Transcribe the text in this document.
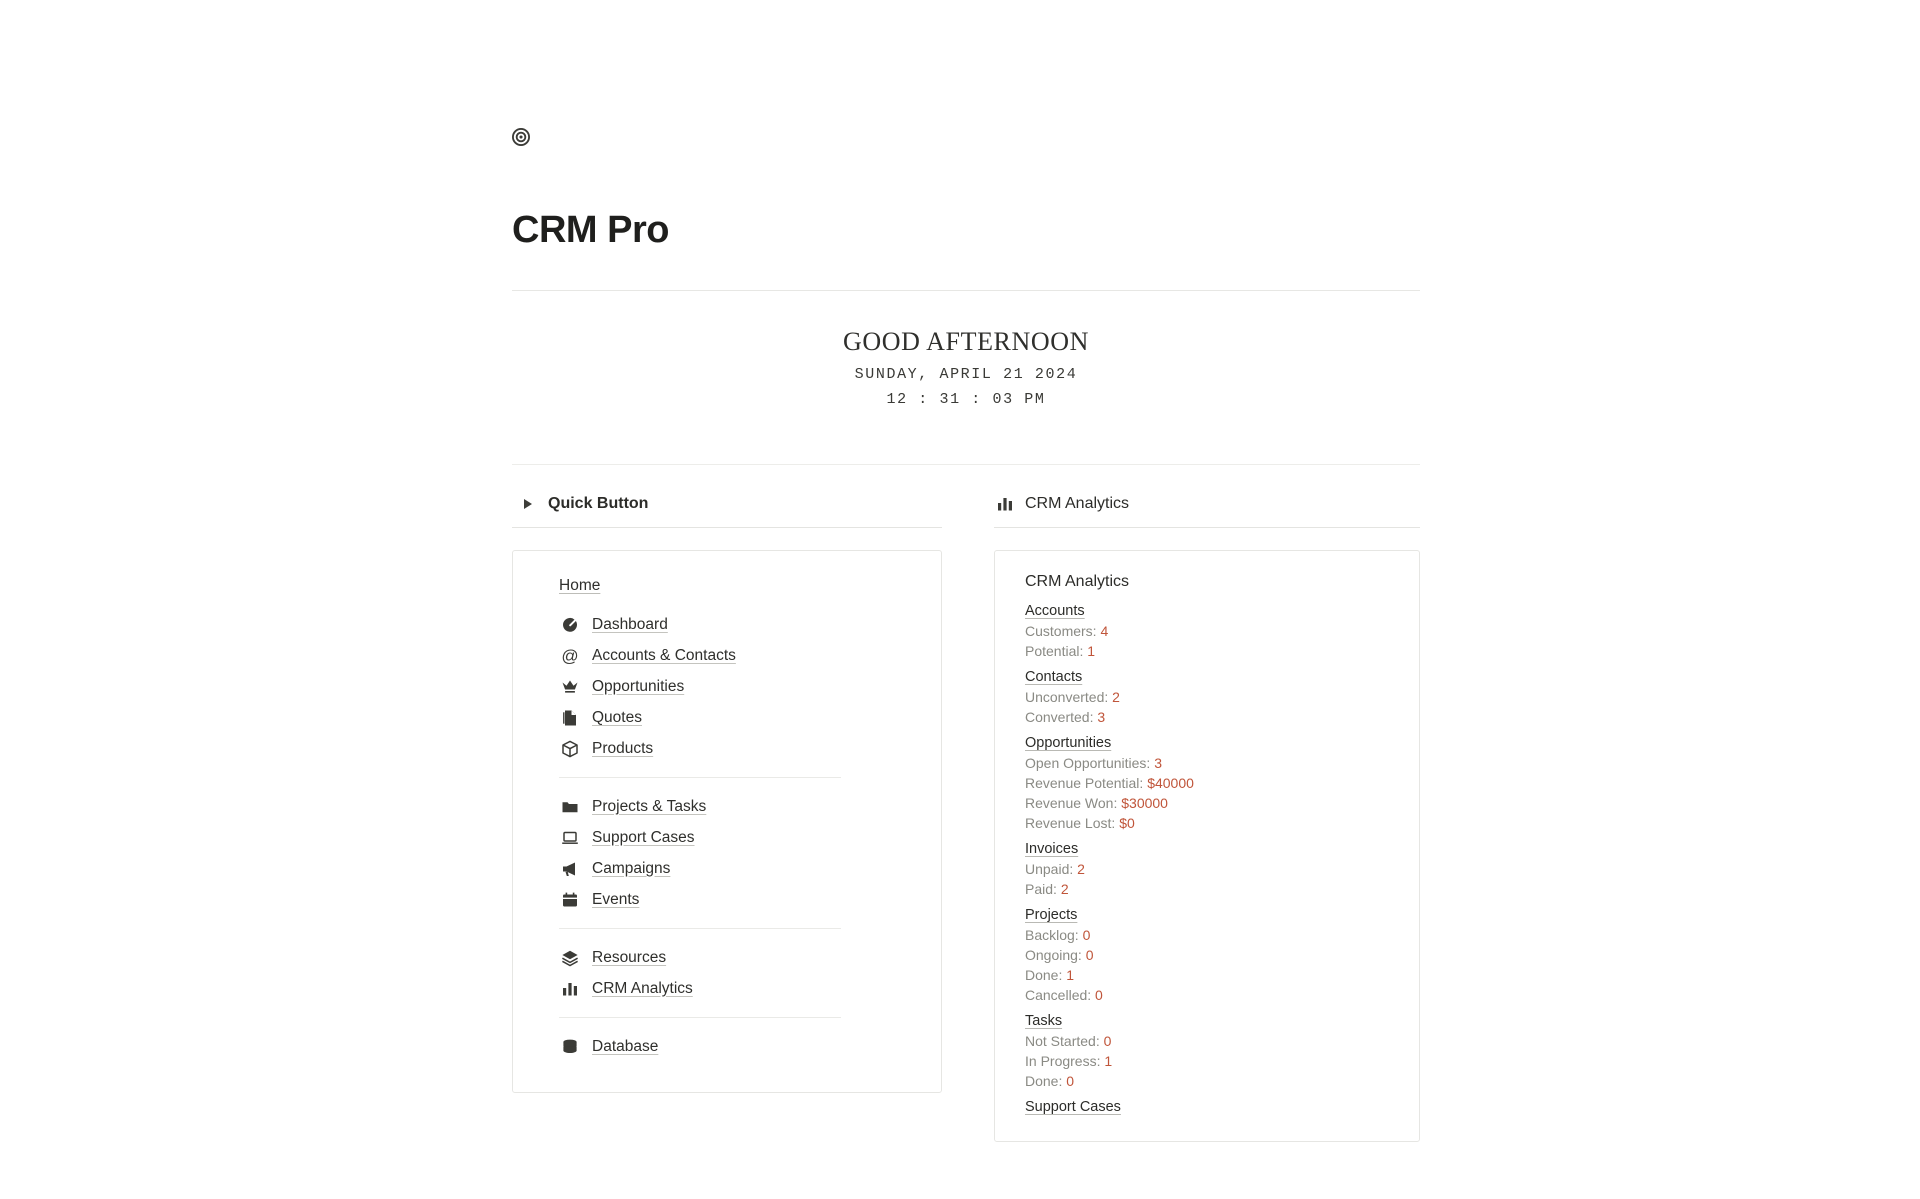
CRM Pro
GOOD AFTERNOON
SUNDAY, APRIL 21 2024
12 : 31 : 03 PM
Quick Button
Home
Dashboard
@ Accounts & Contacts
Opportunities
Quotes
Products
Projects & Tasks
Support Cases
Campaigns
Events
Resources
CRM Analytics
Database
CRM Analytics
CRM Analytics
Accounts
Customers: 4
Potential: 1
Contacts
Unconverted: 2
Converted: 3
Opportunities
Open Opportunities: 3
Revenue Potential: $40000
Revenue Won: $30000
Revenue Lost: $0
Invoices
Unpaid: 2
Paid: 2
Projects
Backlog: 0
Ongoing: 0
Done: 1
Cancelled: 0
Tasks
Not Started: 0
In Progress: 1
Done: 0
Support Cases
